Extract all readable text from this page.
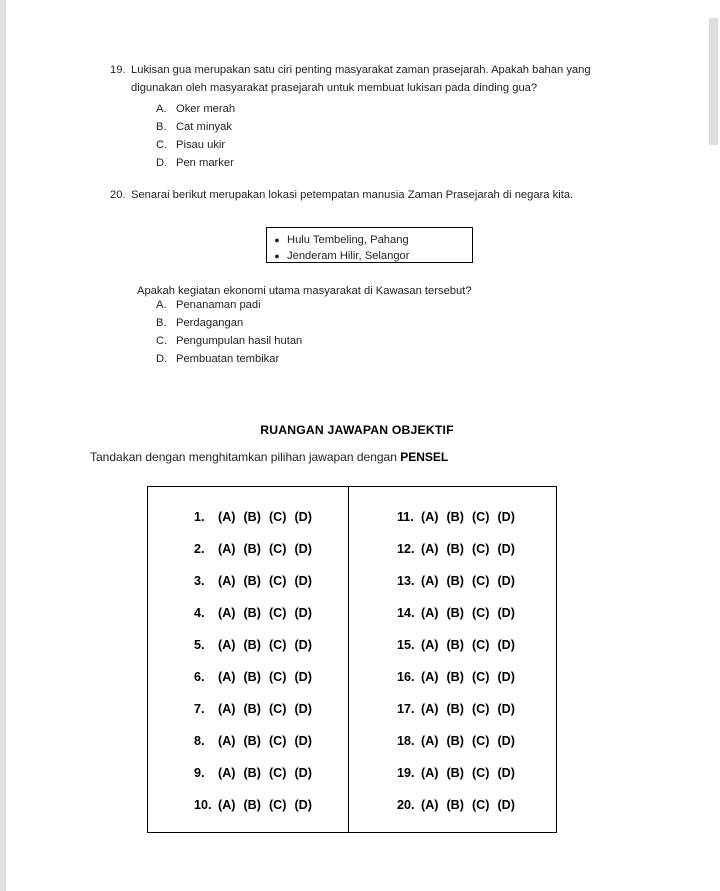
19. Lukisan gua merupakan satu ciri penting masyarakat zaman prasejarah. Apakah bahan yang

digunakan oleh masyarakat prasejarah untuk membuat lukisan pada dinding gua?

A. Oker merah
B. Cat minyak
C. Pisau ukir
D. Pen marker
20. Senarai berikut merupakan lokasi petempatan manusia Zaman Prasejarah di negara kita.

● Hulu Tembeling, Pahang
● Jenderam Hilir, Selangor
Apakah kegiatan ekonomi utama masyarakat di Kawasan tersebut?
A. Penanaman padi
B. Perdagangan
C. Pengumpulan hasil hutan
D. Pembuatan tembikar
RUANGAN JAWAPAN OBJEKTIF
Tandakan dengan menghitamkan pilihan jawapan dengan PENSEL
1.	(A) (B) (C) (D)
2.	(A) (B) (C) (D)
3.	(A) (B) (C) (D)
4.	(A) (B) (C) (D)
5.	(A) (B) (C) (D)
6.	(A) (B) (C) (D)
7.	(A) (B) (C) (D)
8.	(A) (B) (C) (D)
9.	(A) (B) (C) (D)
10. (A) (B) (C) (D)
11. (A) (B) (C) (D)
12. (A) (B) (C) (D)
13. (A) (B) (C) (D)
14. (A) (B) (C) (D)
15. (A) (B) (C) (D)
16. (A) (B) (C) (D)
17. (A) (B) (C) (D)
18. (A) (B) (C) (D)
19. (A) (B) (C) (D)
20. (A) (B) (C) (D)
